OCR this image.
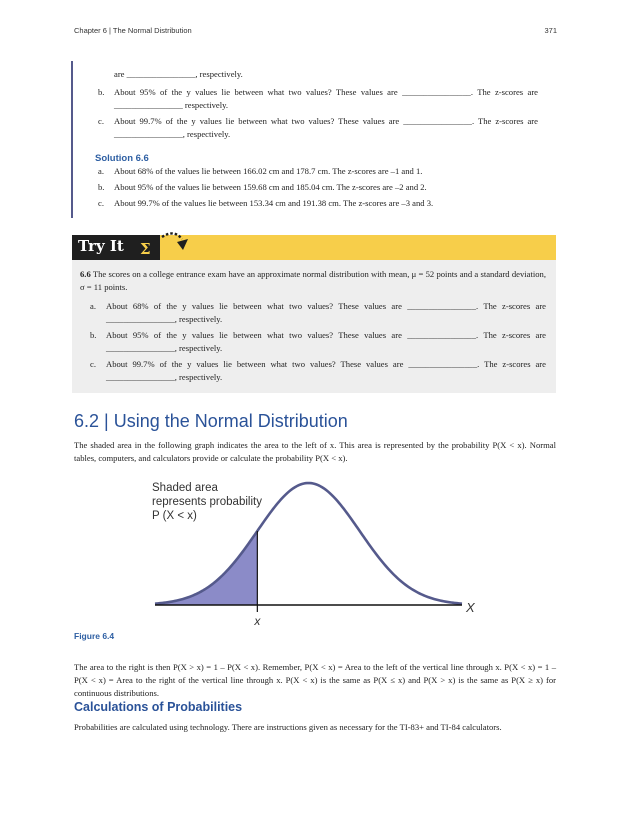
Chapter 6 | The Normal Distribution	371
are ________________, respectively.
b. About 95% of the y values lie between what two values? These values are ________________. The z-scores are ________________ respectively.
c. About 99.7% of the y values lie between what two values? These values are ________________. The z-scores are ________________, respectively.
Solution 6.6
a. About 68% of the values lie between 166.02 cm and 178.7 cm. The z-scores are –1 and 1.
b. About 95% of the values lie between 159.68 cm and 185.04 cm. The z-scores are –2 and 2.
c. About 99.7% of the values lie between 153.34 cm and 191.38 cm. The z-scores are –3 and 3.
Try It Σ
6.6 The scores on a college entrance exam have an approximate normal distribution with mean, μ = 52 points and a standard deviation, σ = 11 points.
a. About 68% of the y values lie between what two values? These values are ________________. The z-scores are ________________, respectively.
b. About 95% of the y values lie between what two values? These values are ________________. The z-scores are ________________, respectively.
c. About 99.7% of the y values lie between what two values? These values are ________________. The z-scores are ________________, respectively.
6.2 | Using the Normal Distribution
The shaded area in the following graph indicates the area to the left of x. This area is represented by the probability P(X < x). Normal tables, computers, and calculators provide or calculate the probability P(X < x).
Shaded area
represents probability
P (X < x)
x
X
Figure 6.4
The area to the right is then P(X > x) = 1 – P(X < x). Remember, P(X < x) = Area to the left of the vertical line through x. P(X < x) = 1 – P(X < x) = Area to the right of the vertical line through x. P(X < x) is the same as P(X ≤ x) and P(X > x) is the same as P(X ≥ x) for continuous distributions.
Calculations of Probabilities
Probabilities are calculated using technology. There are instructions given as necessary for the TI-83+ and TI-84 calculators.
